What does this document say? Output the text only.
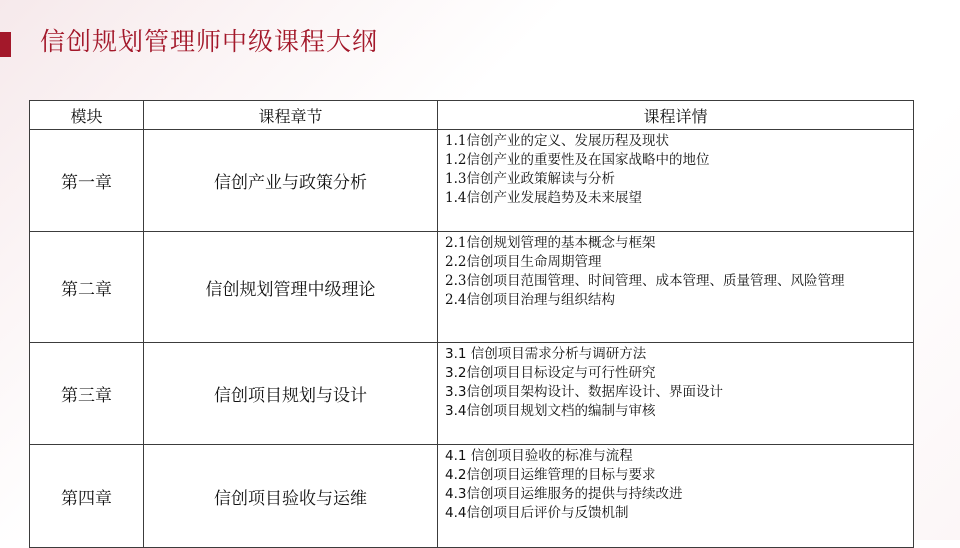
信创规划管理师中级课程大纲
模块	课程章节	课程详情
第一章	信创产业与政策分析	1.1信创产业的定义、发展历程及现状
1.2信创产业的重要性及在国家战略中的地位
1.3信创产业政策解读与分析
1.4信创产业发展趋势及未来展望

第二章	信创规划管理中级理论	2.1信创规划管理的基本概念与框架
2.2信创项目生命周期管理
2.3信创项目范围管理、时间管理、成本管理、质量管理、风险管理
2.4信创项目治理与组织结构

第三章	信创项目规划与设计	3.1 信创项目需求分析与调研方法
3.2信创项目目标设定与可行性研究
3.3信创项目架构设计、数据库设计、界面设计
3.4信创项目规划文档的编制与审核

第四章	信创项目验收与运维	4.1 信创项目验收的标准与流程
4.2信创项目运维管理的目标与要求
4.3信创项目运维服务的提供与持续改进
4.4信创项目后评价与反馈机制
